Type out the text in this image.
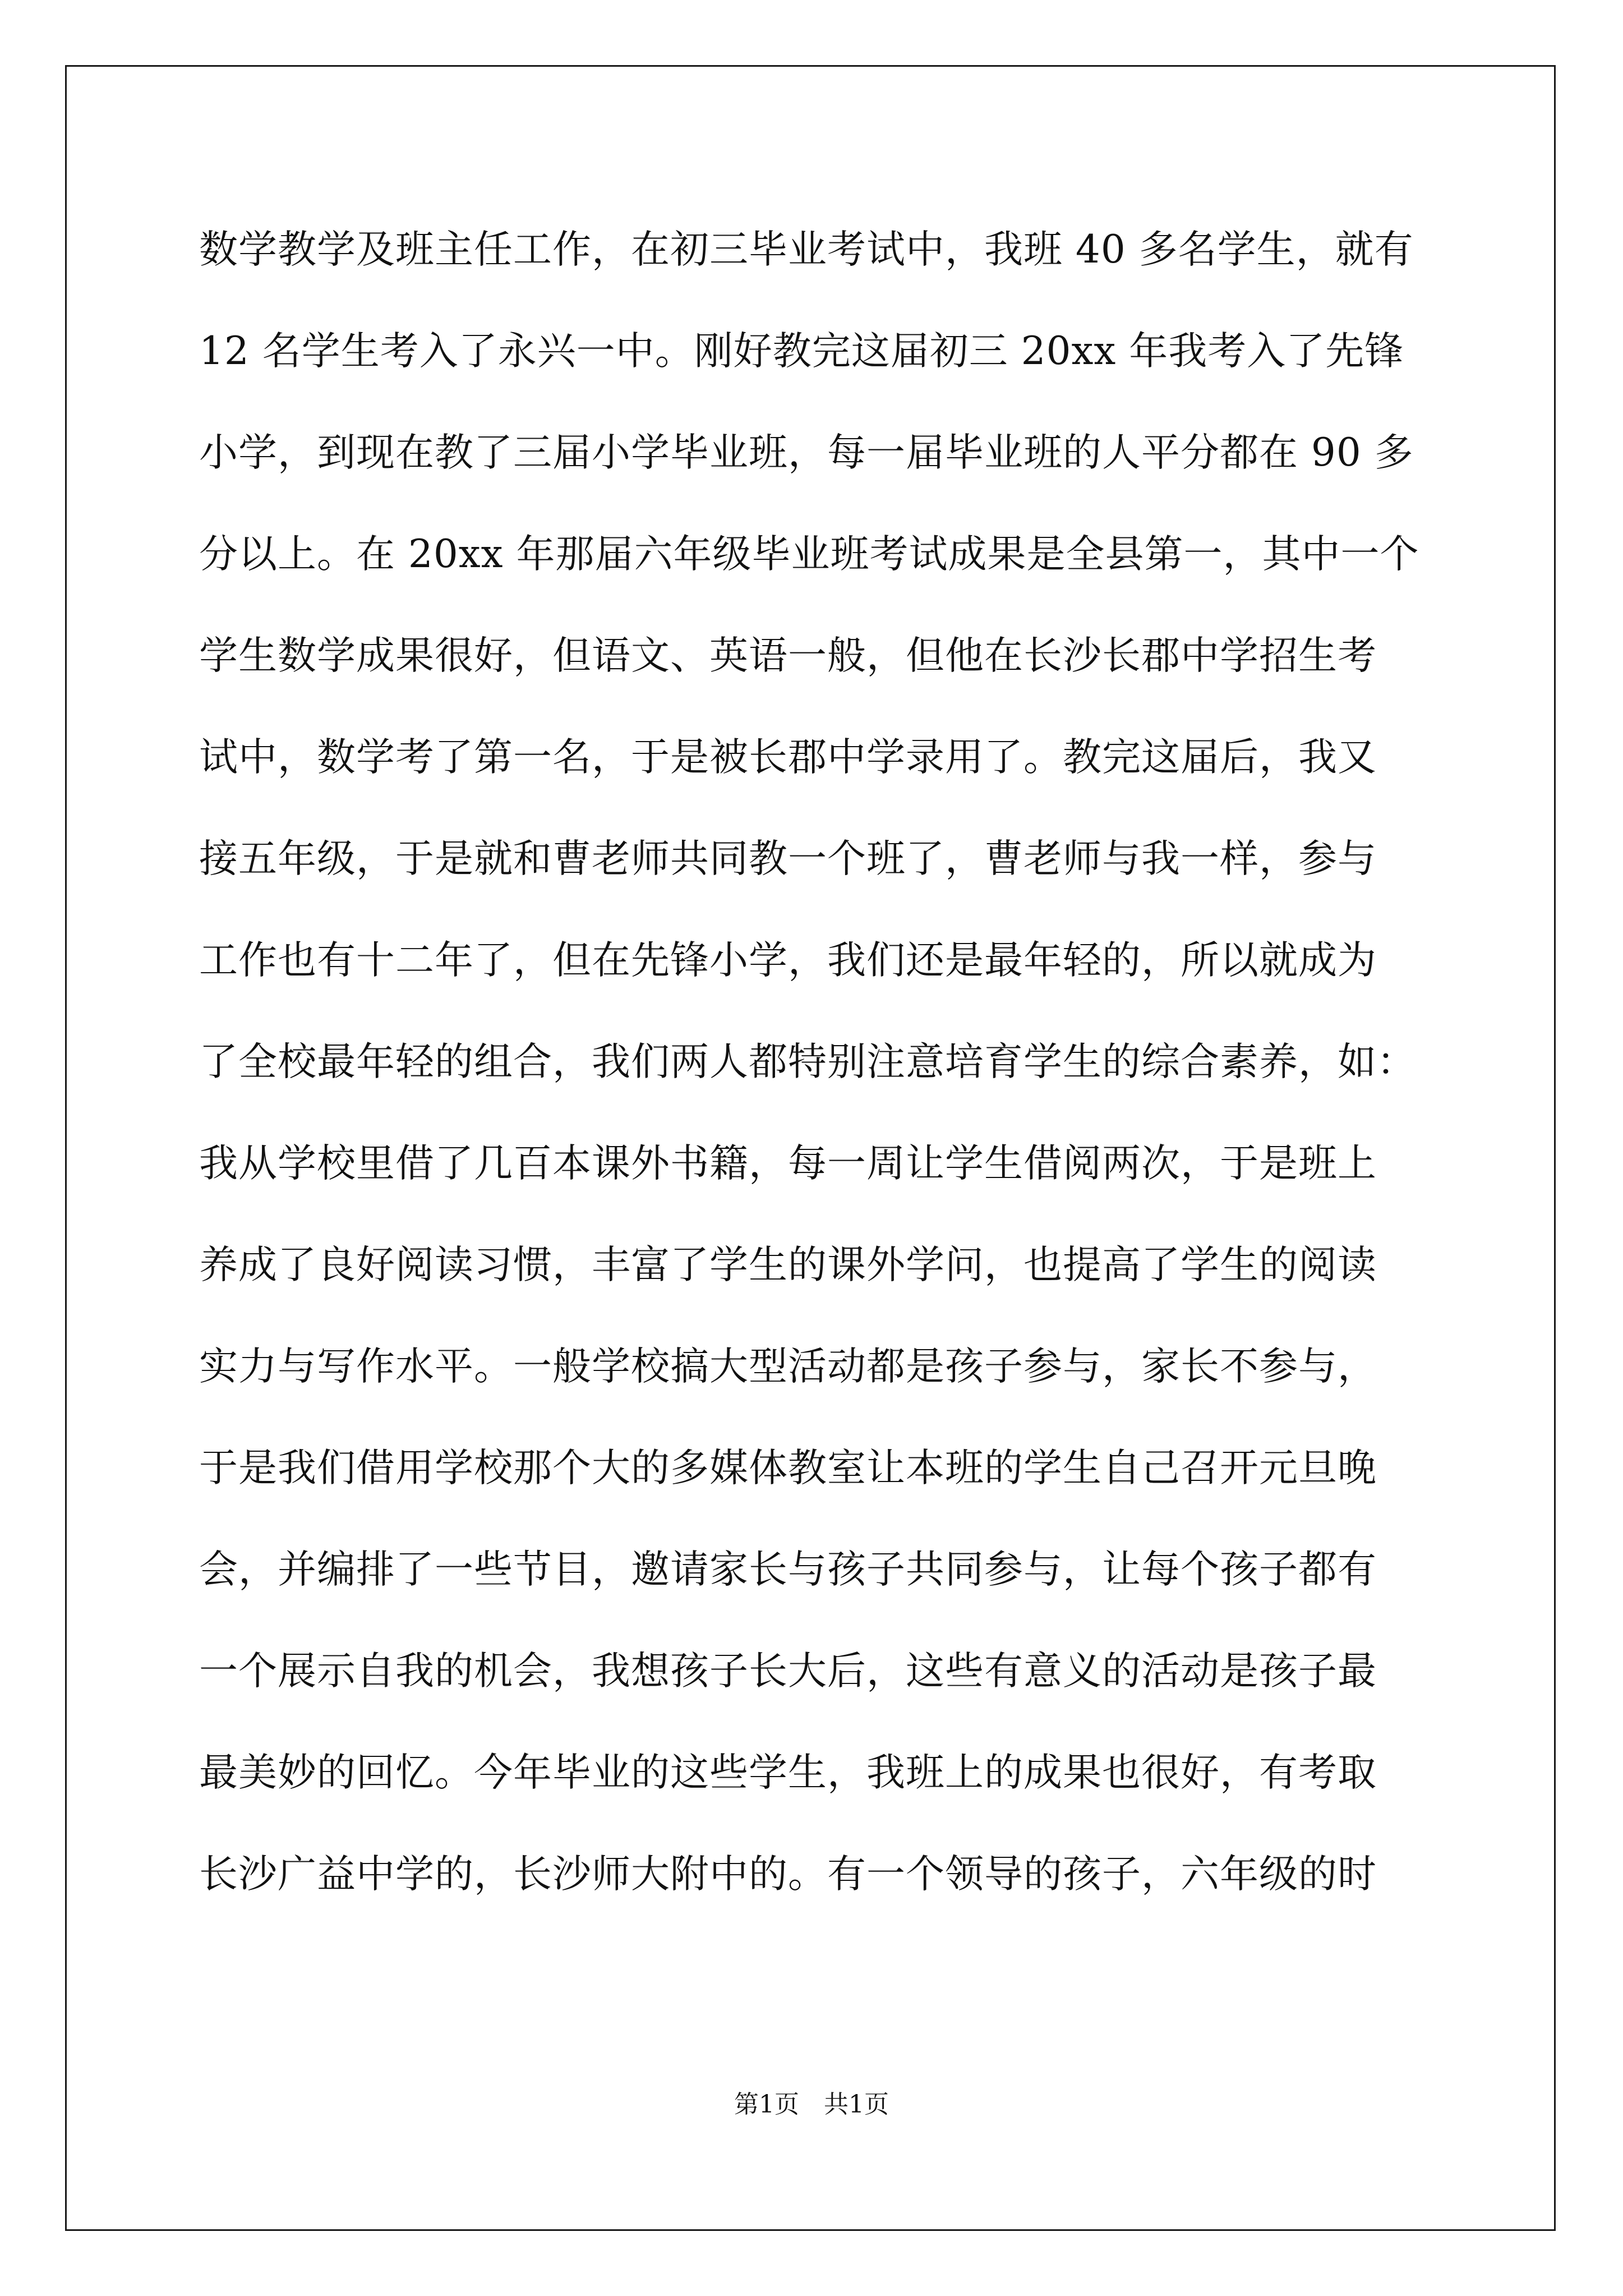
数学教学及班主任工作，在初三毕业考试中，我班 40 多名学生，就有
12 名学生考入了永兴一中。刚好教完这届初三 20xx 年我考入了先锋
小学，到现在教了三届小学毕业班，每一届毕业班的人平分都在 90 多
分以上。在 20xx 年那届六年级毕业班考试成果是全县第一，其中一个
学生数学成果很好，但语文、英语一般，但他在长沙长郡中学招生考
试中，数学考了第一名，于是被长郡中学录用了。教完这届后，我又
接五年级，于是就和曹老师共同教一个班了，曹老师与我一样，参与
工作也有十二年了，但在先锋小学，我们还是最年轻的，所以就成为
了全校最年轻的组合，我们两人都特别注意培育学生的综合素养，如：
我从学校里借了几百本课外书籍，每一周让学生借阅两次，于是班上
养成了良好阅读习惯，丰富了学生的课外学问，也提高了学生的阅读
实力与写作水平。一般学校搞大型活动都是孩子参与，家长不参与，
于是我们借用学校那个大的多媒体教室让本班的学生自己召开元旦晚
会，并编排了一些节目，邀请家长与孩子共同参与，让每个孩子都有
一个展示自我的机会，我想孩子长大后，这些有意义的活动是孩子最
最美妙的回忆。今年毕业的这些学生，我班上的成果也很好，有考取
长沙广益中学的，长沙师大附中的。有一个领导的孩子，六年级的时
第1页　共1页
